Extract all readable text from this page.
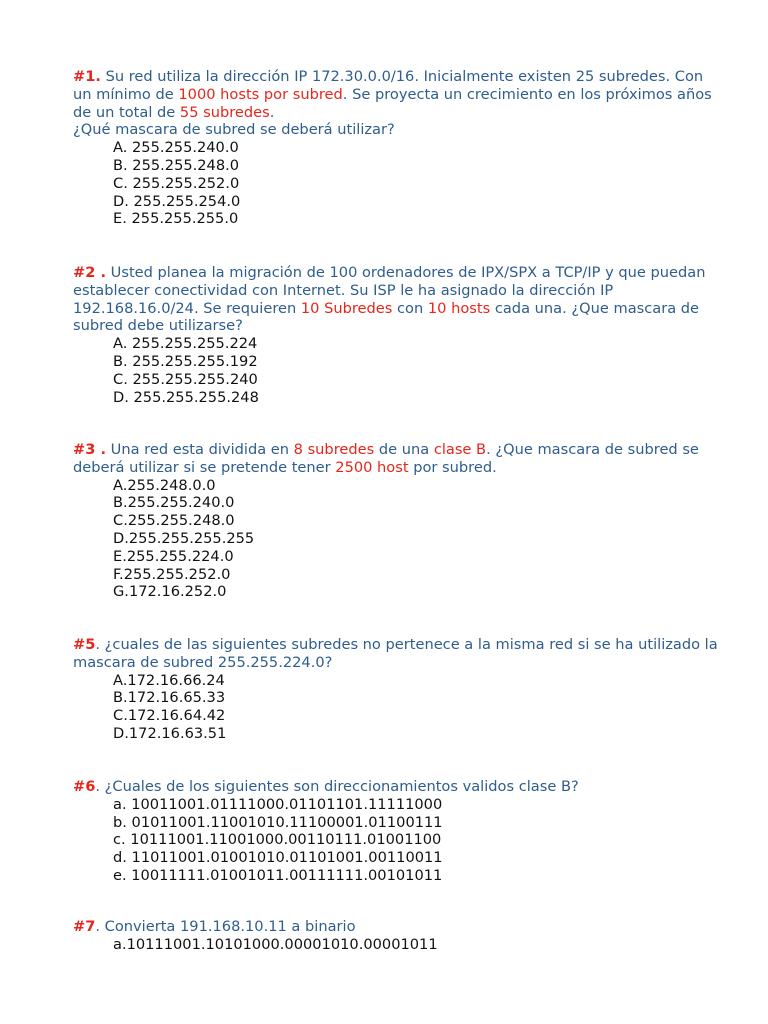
#1. Su red utiliza la dirección IP 172.30.0.0/16. Inicialmente existen 25 subredes. Con un mínimo de 1000 hosts por subred. Se proyecta un crecimiento en los próximos años de un total de 55 subredes.
¿Qué mascara de subred se deberá utilizar?
A. 255.255.240.0
B. 255.255.248.0
C. 255.255.252.0
D. 255.255.254.0
E. 255.255.255.0
#2 . Usted planea la migración de 100 ordenadores de IPX/SPX a TCP/IP y que puedan establecer conectividad con Internet. Su ISP le ha asignado la dirección IP 192.168.16.0/24. Se requieren 10 Subredes con 10 hosts cada una. ¿Que mascara de subred debe utilizarse?
A. 255.255.255.224
B. 255.255.255.192
C. 255.255.255.240
D. 255.255.255.248
#3 . Una red esta dividida en 8 subredes de una clase B. ¿Que mascara de subred se deberá utilizar si se pretende tener 2500 host por subred.
A.255.248.0.0
B.255.255.240.0
C.255.255.248.0
D.255.255.255.255
E.255.255.224.0
F.255.255.252.0
G.172.16.252.0
#5. ¿cuales de las siguientes subredes no pertenece a la misma red si se ha utilizado la mascara de subred 255.255.224.0?
A.172.16.66.24
B.172.16.65.33
C.172.16.64.42
D.172.16.63.51
#6. ¿Cuales de los siguientes son direccionamientos validos clase B?
a. 10011001.01111000.01101101.11111000
b. 01011001.11001010.11100001.01100111
c. 10111001.11001000.00110111.01001100
d. 11011001.01001010.01101001.00110011
e. 10011111.01001011.00111111.00101011
#7. Convierta 191.168.10.11 a binario
a.10111001.10101000.00001010.00001011
